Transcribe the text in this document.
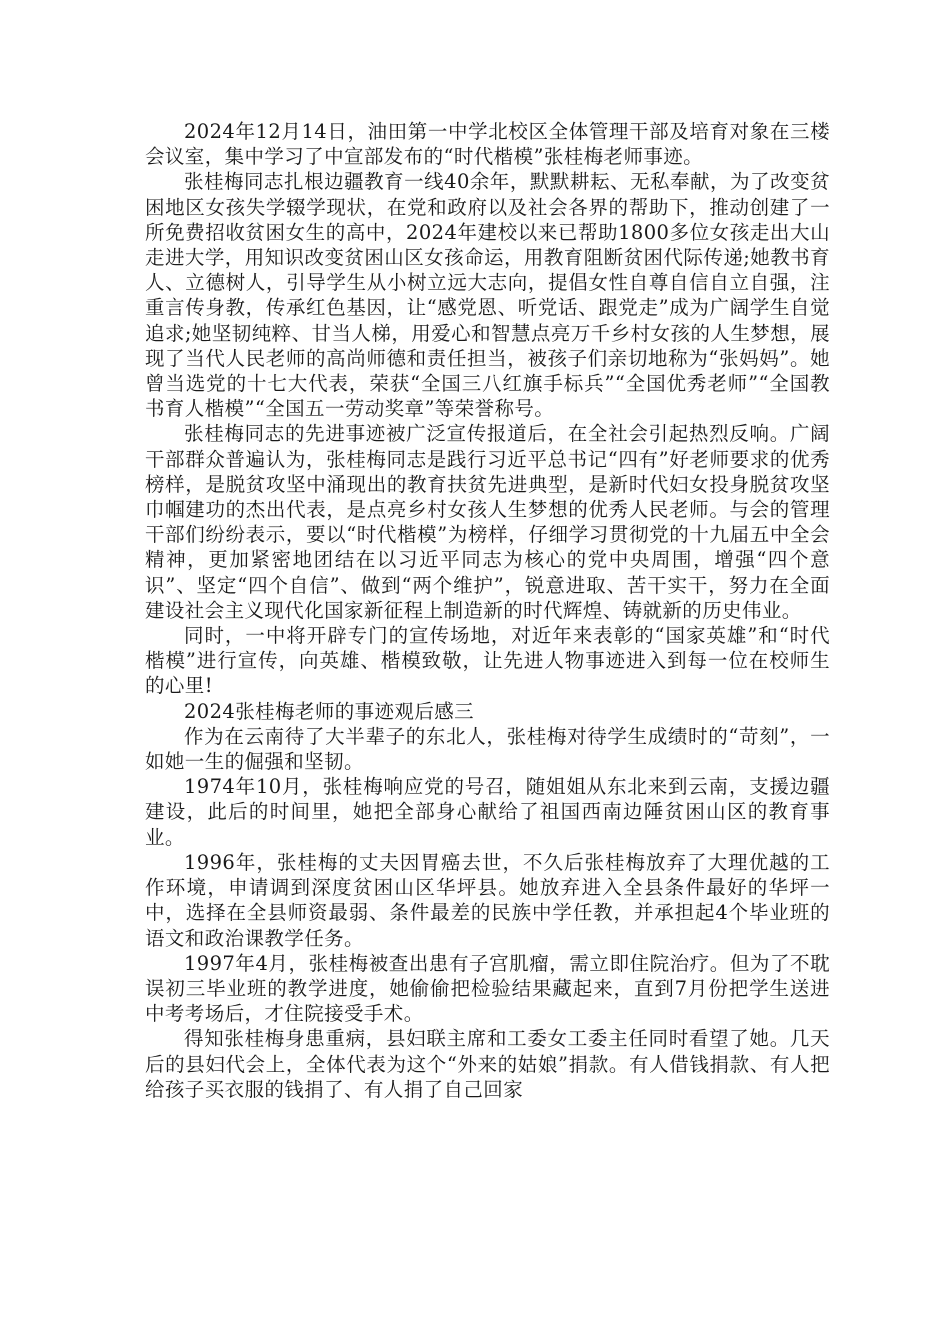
2024年12月14日，油田第一中学北校区全体管理干部及培育对象在三楼会议室，集中学习了中宣部发布的“时代楷模”张桂梅老师事迹。

张桂梅同志扎根边疆教育一线40余年，默默耕耘、无私奉献，为了改变贫困地区女孩失学辍学现状，在党和政府以及社会各界的帮助下，推动创建了一所免费招收贫困女生的高中，2024年建校以来已帮助1800多位女孩走出大山走进大学，用知识改变贫困山区女孩命运，用教育阻断贫困代际传递;她教书育人、立德树人，引导学生从小树立远大志向，提倡女性自尊自信自立自强，注重言传身教，传承红色基因，让“感党恩、听党话、跟党走”成为广阔学生自觉追求;她坚韧纯粹、甘当人梯，用爱心和智慧点亮万千乡村女孩的人生梦想，展现了当代人民老师的高尚师德和责任担当，被孩子们亲切地称为“张妈妈”。她曾当选党的十七大代表，荣获“全国三八红旗手标兵”“全国优秀老师”“全国教书育人楷模”“全国五一劳动奖章”等荣誉称号。

张桂梅同志的先进事迹被广泛宣传报道后，在全社会引起热烈反响。广阔干部群众普遍认为，张桂梅同志是践行习近平总书记“四有”好老师要求的优秀榜样，是脱贫攻坚中涌现出的教育扶贫先进典型，是新时代妇女投身脱贫攻坚巾帼建功的杰出代表，是点亮乡村女孩人生梦想的优秀人民老师。与会的管理干部们纷纷表示，要以“时代楷模”为榜样，仔细学习贯彻党的十九届五中全会精神，更加紧密地团结在以习近平同志为核心的党中央周围，增强“四个意识”、坚定“四个自信”、做到“两个维护”，锐意进取、苦干实干，努力在全面建设社会主义现代化国家新征程上制造新的时代辉煌、铸就新的历史伟业。

同时，一中将开辟专门的宣传场地，对近年来表彰的“国家英雄”和“时代楷模”进行宣传，向英雄、楷模致敬，让先进人物事迹进入到每一位在校师生的心里!

2024张桂梅老师的事迹观后感三

作为在云南待了大半辈子的东北人，张桂梅对待学生成绩时的“苛刻”，一如她一生的倔强和坚韧。

1974年10月，张桂梅响应党的号召，随姐姐从东北来到云南，支援边疆建设，此后的时间里，她把全部身心献给了祖国西南边陲贫困山区的教育事业。

1996年，张桂梅的丈夫因胃癌去世，不久后张桂梅放弃了大理优越的工作环境，申请调到深度贫困山区华坪县。她放弃进入全县条件最好的华坪一中，选择在全县师资最弱、条件最差的民族中学任教，并承担起4个毕业班的语文和政治课教学任务。

1997年4月，张桂梅被查出患有子宫肌瘤，需立即住院治疗。但为了不耽误初三毕业班的教学进度，她偷偷把检验结果藏起来，直到7月份把学生送进中考考场后，才住院接受手术。

得知张桂梅身患重病，县妇联主席和工委女工委主任同时看望了她。几天后的县妇代会上，全体代表为这个“外来的姑娘”捐款。有人借钱捐款、有人把给孩子买衣服的钱捐了、有人捐了自己回家
